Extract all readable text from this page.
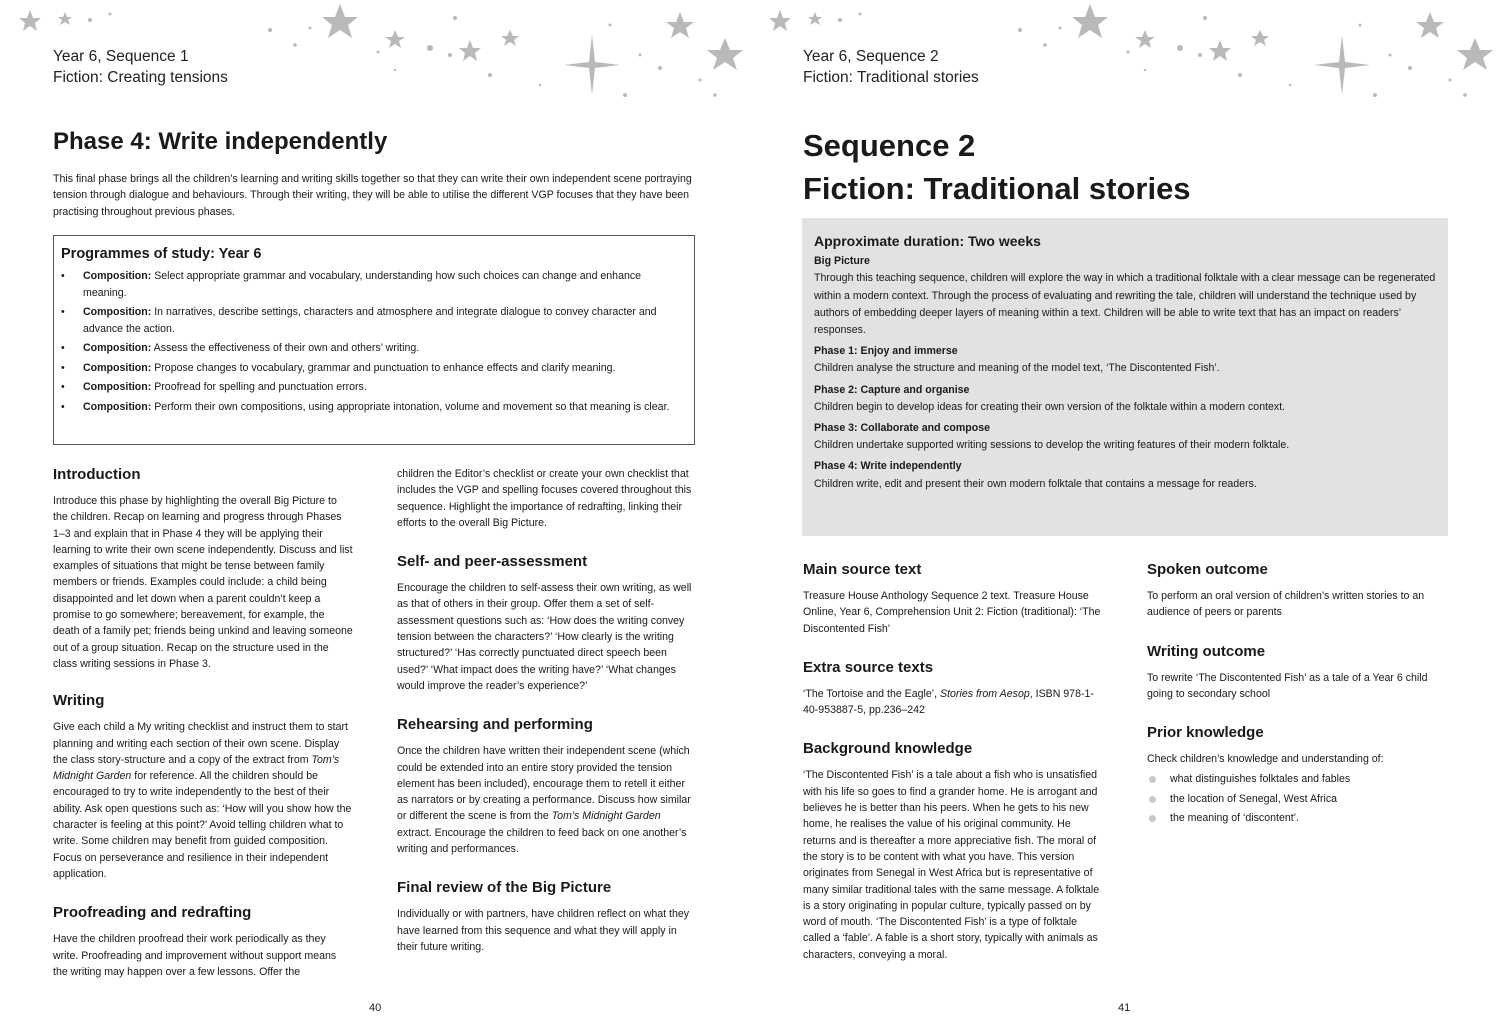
Year 6, Sequence 1
Fiction: Creating tensions
Phase 4: Write independently

This final phase brings all the children’s learning and writing skills together so that they can write their own independent scene portraying tension through dialogue and behaviours. Through their writing, they will be able to utilise the different VGP focuses that they have been practising throughout previous phases.

Programmes of study: Year 6
• Composition: Select appropriate grammar and vocabulary, understanding how such choices can change and enhance meaning.
• Composition: In narratives, describe settings, characters and atmosphere and integrate dialogue to convey character and advance the action.
• Composition: Assess the effectiveness of their own and others’ writing.
• Composition: Propose changes to vocabulary, grammar and punctuation to enhance effects and clarify meaning.
• Composition: Proofread for spelling and punctuation errors.
• Composition: Perform their own compositions, using appropriate intonation, volume and movement so that meaning is clear.
Introduction

Introduce this phase by highlighting the overall Big Picture to the children. Recap on learning and progress through Phases 1–3 and explain that in Phase 4 they will be applying their learning to write their own scene independently. Discuss and list examples of situations that might be tense between family members or friends. Examples could include: a child being disappointed and let down when a parent couldn’t keep a promise to go somewhere; bereavement, for example, the death of a family pet; friends being unkind and leaving someone out of a group situation. Recap on the structure used in the class writing sessions in Phase 3.

Writing

Give each child a My writing checklist and instruct them to start planning and writing each section of their own scene. Display the class story-structure and a copy of the extract from Tom’s Midnight Garden for reference. All the children should be encouraged to try to write independently to the best of their ability. Ask open questions such as: ‘How will you show how the character is feeling at this point?’ Avoid telling children what to write. Some children may benefit from guided composition. Focus on perseverance and resilience in their independent application.

Proofreading and redrafting

Have the children proofread their work periodically as they write. Proofreading and improvement without support means the writing may happen over a few lessons. Offer the

children the Editor’s checklist or create your own checklist that includes the VGP and spelling focuses covered throughout this sequence. Highlight the importance of redrafting, linking their efforts to the overall Big Picture.

Self- and peer-assessment

Encourage the children to self-assess their own writing, as well as that of others in their group. Offer them a set of self-assessment questions such as: ‘How does the writing convey tension between the characters?’ ‘How clearly is the writing structured?’ ‘Has correctly punctuated direct speech been used?’ ‘What impact does the writing have?’ ‘What changes would improve the reader’s experience?’

Rehearsing and performing

Once the children have written their independent scene (which could be extended into an entire story provided the tension element has been included), encourage them to retell it either as narrators or by creating a performance. Discuss how similar or different the scene is from the Tom’s Midnight Garden extract. Encourage the children to feed back on one another’s writing and performances.

Final review of the Big Picture

Individually or with partners, have children reflect on what they have learned from this sequence and what they will apply in their future writing.

40
Year 6, Sequence 2
Fiction: Traditional stories
Sequence 2
Fiction: Traditional stories
Approximate duration: Two weeks
Big Picture

Through this teaching sequence, children will explore the way in which a traditional folktale with a clear message can be regenerated within a modern context. Through the process of evaluating and rewriting the tale, children will understand the technique used by authors of embedding deeper layers of meaning within a text. Children will be able to write text that has an impact on readers’ responses.

Phase 1: Enjoy and immerse

Children analyse the structure and meaning of the model text, ‘The Discontented Fish’.

Phase 2: Capture and organise

Children begin to develop ideas for creating their own version of the folktale within a modern context.

Phase 3: Collaborate and compose

Children undertake supported writing sessions to develop the writing features of their modern folktale.

Phase 4: Write independently

Children write, edit and present their own modern folktale that contains a message for readers.

Main source text

Treasure House Anthology Sequence 2 text. Treasure House Online, Year 6, Comprehension Unit 2: Fiction (traditional): ‘The Discontented Fish’

Extra source texts

‘The Tortoise and the Eagle’, Stories from Aesop, ISBN 978-1-40-953887-5, pp.236–242

Background knowledge

‘The Discontented Fish’ is a tale about a fish who is unsatisfied with his life so goes to find a grander home. He is arrogant and believes he is better than his peers. When he gets to his new home, he realises the value of his original community. He returns and is thereafter a more appreciative fish. The moral of the story is to be content with what you have. This version originates from Senegal in West Africa but is representative of many similar traditional tales with the same message. A folktale is a story originating in popular culture, typically passed on by word of mouth. ‘The Discontented Fish’ is a type of folktale called a ‘fable’. A fable is a short story, typically with animals as characters, conveying a moral.

Spoken outcome

To perform an oral version of children’s written stories to an audience of peers or parents

Writing outcome

To rewrite ‘The Discontented Fish’ as a tale of a Year 6 child going to secondary school

Prior knowledge

Check children’s knowledge and understanding of:

what distinguishes folktales and fables
the location of Senegal, West Africa
the meaning of ‘discontent’.
41
